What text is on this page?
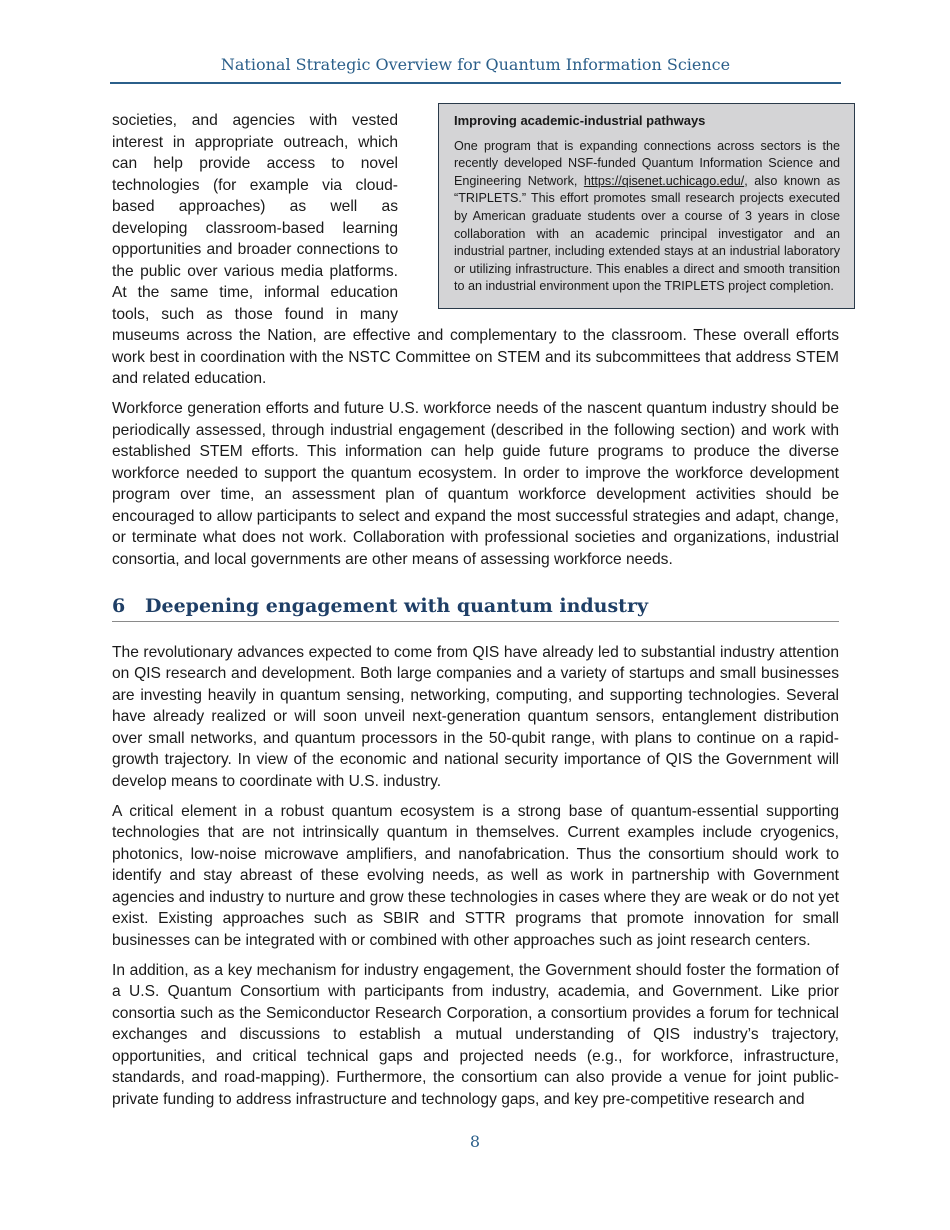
National Strategic Overview for Quantum Information Science
Improving academic-industrial pathways

One program that is expanding connections across sectors is the recently developed NSF-funded Quantum Information Science and Engineering Network, https://qisenet.uchicago.edu/, also known as “TRIPLETS.” This effort promotes small research projects executed by American graduate students over a course of 3 years in close collaboration with an academic principal investigator and an industrial partner, including extended stays at an industrial laboratory or utilizing infrastructure. This enables a direct and smooth transition to an industrial environment upon the TRIPLETS project completion.

societies, and agencies with vested interest in appropriate outreach, which can help provide access to novel technologies (for example via cloud-based approaches) as well as developing classroom-based learning opportunities and broader connections to the public over various media platforms. At the same time, informal education tools, such as those found in many museums across the Nation, are effective and complementary to the classroom. These overall efforts work best in coordination with the NSTC Committee on STEM and its subcommittees that address STEM and related education.

Workforce generation efforts and future U.S. workforce needs of the nascent quantum industry should be periodically assessed, through industrial engagement (described in the following section) and work with established STEM efforts. This information can help guide future programs to produce the diverse workforce needed to support the quantum ecosystem. In order to improve the workforce development program over time, an assessment plan of quantum workforce development activities should be encouraged to allow participants to select and expand the most successful strategies and adapt, change, or terminate what does not work. Collaboration with professional societies and organizations, industrial consortia, and local governments are other means of assessing workforce needs.

6 Deepening engagement with quantum industry

The revolutionary advances expected to come from QIS have already led to substantial industry attention on QIS research and development. Both large companies and a variety of startups and small businesses are investing heavily in quantum sensing, networking, computing, and supporting technologies. Several have already realized or will soon unveil next-generation quantum sensors, entanglement distribution over small networks, and quantum processors in the 50-qubit range, with plans to continue on a rapid-growth trajectory. In view of the economic and national security importance of QIS the Government will develop means to coordinate with U.S. industry.

A critical element in a robust quantum ecosystem is a strong base of quantum-essential supporting technologies that are not intrinsically quantum in themselves. Current examples include cryogenics, photonics, low-noise microwave amplifiers, and nanofabrication. Thus the consortium should work to identify and stay abreast of these evolving needs, as well as work in partnership with Government agencies and industry to nurture and grow these technologies in cases where they are weak or do not yet exist. Existing approaches such as SBIR and STTR programs that promote innovation for small businesses can be integrated with or combined with other approaches such as joint research centers.

In addition, as a key mechanism for industry engagement, the Government should foster the formation of a U.S. Quantum Consortium with participants from industry, academia, and Government. Like prior consortia such as the Semiconductor Research Corporation, a consortium provides a forum for technical exchanges and discussions to establish a mutual understanding of QIS industry’s trajectory, opportunities, and critical technical gaps and projected needs (e.g., for workforce, infrastructure, standards, and road-mapping). Furthermore, the consortium can also provide a venue for joint public-private funding to address infrastructure and technology gaps, and key pre-competitive research and

8
